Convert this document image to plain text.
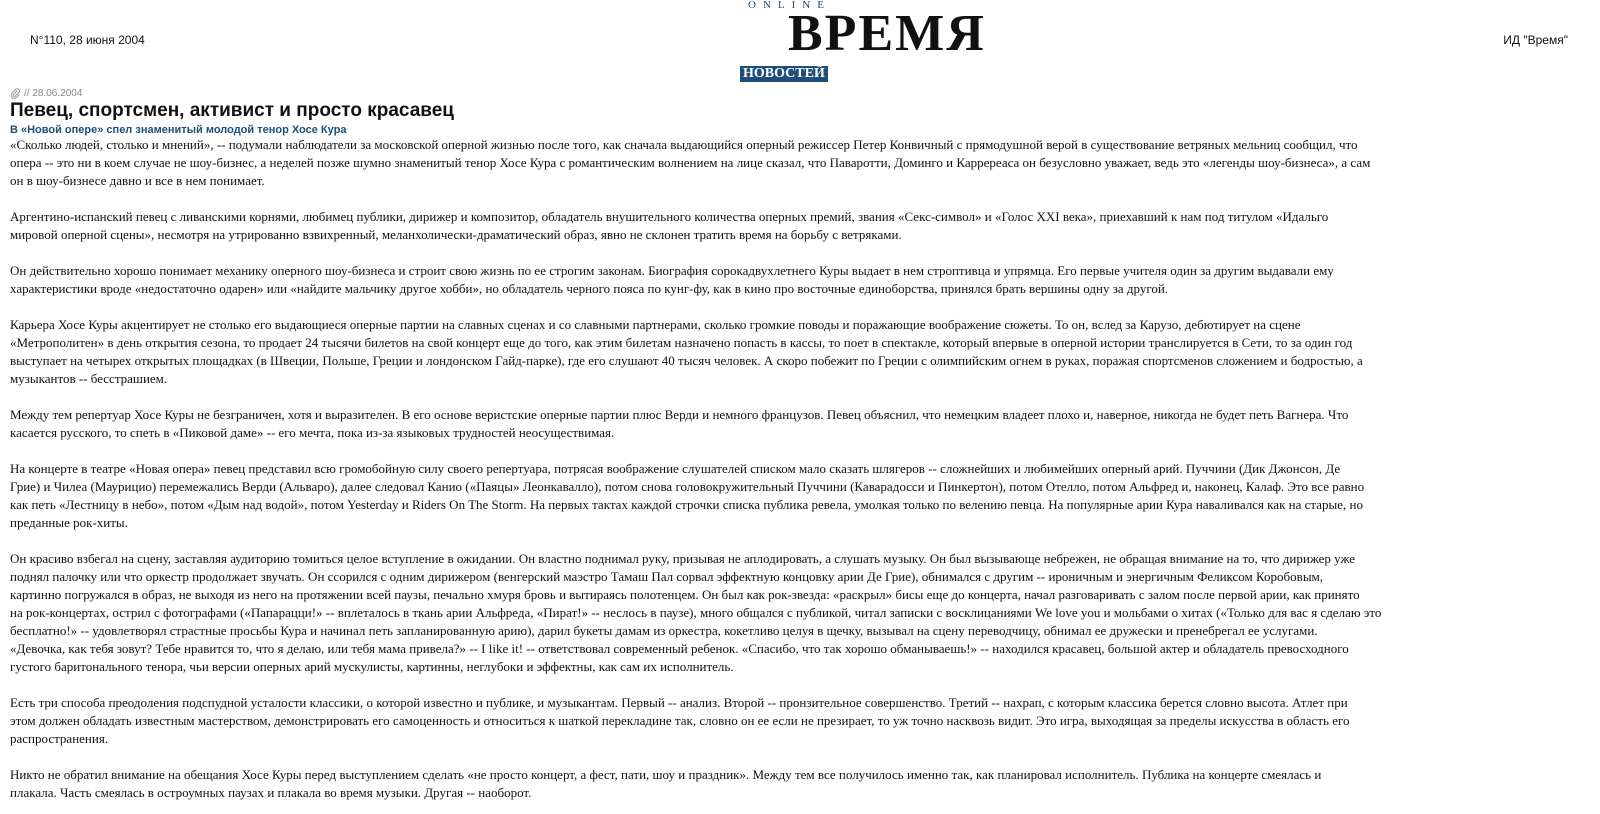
N°110, 28 июня 2004
ONLINE
ВРЕМЯ
НОВОСТЕЙ
ИД "Время"
// 28.06.2004
Певец, спортсмен, активист и просто красавец
В «Новой опере» спел знаменитый молодой тенор Хосе Кура

«Сколько людей, столько и мнений», -- подумали наблюдатели за московской оперной жизнью после того, как сначала выдающийся оперный режиссер Петер Конвичный с прямодушной верой в существование ветряных мельниц сообщил, что
опера -- это ни в коем случае не шоу-бизнес, а неделей позже шумно знаменитый тенор Хосе Кура с романтическим волнением на лице сказал, что Паваротти, Доминго и Карререаса он безусловно уважает, ведь это «легенды шоу-бизнеса», а сам
он в шоу-бизнесе давно и все в нем понимает.

Аргентино-испанский певец с ливанскими корнями, любимец публики, дирижер и композитор, обладатель внушительного количества оперных премий, звания «Секс-символ» и «Голос XXI века», приехавший к нам под титулом «Идальго
мировой оперной сцены», несмотря на утрированно взвихренный, меланхолически-драматический образ, явно не склонен тратить время на борьбу с ветряками.

Он действительно хорошо понимает механику оперного шоу-бизнеса и строит свою жизнь по ее строгим законам. Биография сорокадвухлетнего Куры выдает в нем строптивца и упрямца. Его первые учителя один за другим выдавали ему
характеристики вроде «недостаточно одарен» или «найдите мальчику другое хобби», но обладатель черного пояса по кунг-фу, как в кино про восточные единоборства, принялся брать вершины одну за другой.

Карьера Хосе Куры акцентирует не столько его выдающиеся оперные партии на славных сценах и со славными партнерами, сколько громкие поводы и поражающие воображение сюжеты. То он, вслед за Карузо, дебютирует на сцене
«Метрополитен» в день открытия сезона, то продает 24 тысячи билетов на свой концерт еще до того, как этим билетам назначено попасть в кассы, то поет в спектакле, который впервые в оперной истории транслируется в Сети, то за один год
выступает на четырех открытых площадках (в Швеции, Польше, Греции и лондонском Гайд-парке), где его слушают 40 тысяч человек. А скоро побежит по Греции с олимпийским огнем в руках, поражая спортсменов сложением и бодростью, а
музыкантов -- бесстрашием.

Между тем репертуар Хосе Куры не безграничен, хотя и выразителен. В его основе веристские оперные партии плюс Верди и немного французов. Певец объяснил, что немецким владеет плохо и, наверное, никогда не будет петь Вагнера. Что
касается русского, то спеть в «Пиковой даме» -- его мечта, пока из-за языковых трудностей неосуществимая.

На концерте в театре «Новая опера» певец представил всю громобойную силу своего репертуара, потрясая воображение слушателей списком мало сказать шлягеров -- сложнейших и любимейших оперный арий. Пуччини (Дик Джонсон, Де
Грие) и Чилеа (Маурицио) перемежались Верди (Альваро), далее следовал Канио («Паяцы» Леонкавалло), потом снова головокружительный Пуччини (Каварадосси и Пинкертон), потом Отелло, потом Альфред и, наконец, Калаф. Это все равно
как петь «Лестницу в небо», потом «Дым над водой», потом Yesterday и Riders On The Storm. На первых тактах каждой строчки списка публика ревела, умолкая только по велению певца. На популярные арии Кура наваливался как на старые, но
преданные рок-хиты.

Он красиво взбегал на сцену, заставляя аудиторию томиться целое вступление в ожидании. Он властно поднимал руку, призывая не аплодировать, а слушать музыку. Он был вызывающе небрежен, не обращая внимание на то, что дирижер уже
поднял палочку или что оркестр продолжает звучать. Он ссорился с одним дирижером (венгерский маэстро Тамаш Пал сорвал эффектную концовку арии Де Грие), обнимался с другим -- ироничным и энергичным Феликсом Коробовым,
картинно погружался в образ, не выходя из него на протяжении всей паузы, печально хмуря бровь и вытираясь полотенцем. Он был как рок-звезда: «раскрыл» бисы еще до концерта, начал разговаривать с залом после первой арии, как принято
на рок-концертах, острил с фотографами («Папарацци!» -- вплеталось в ткань арии Альфреда, «Пират!» -- неслось в паузе), много общался с публикой, читал записки с восклицаниями We love you и мольбами о хитах («Только для вас я сделаю это
бесплатно!» -- удовлетворял страстные просьбы Кура и начинал петь запланированную арию), дарил букеты дамам из оркестра, кокетливо целуя в щечку, вызывал на сцену переводчицу, обнимал ее дружески и пренебрегал ее услугами.
«Девочка, как тебя зовут? Тебе нравится то, что я делаю, или тебя мама привела?» -- I like it! -- ответствовал современный ребенок. «Спасибо, что так хорошо обманываешь!» -- находился красавец, большой актер и обладатель превосходного
густого баритонального тенора, чьи версии оперных арий мускулисты, картинны, неглубоки и эффектны, как сам их исполнитель.

Есть три способа преодоления подспудной усталости классики, о которой известно и публике, и музыкантам. Первый -- анализ. Второй -- пронзительное совершенство. Третий -- нахрап, с которым классика берется словно высота. Атлет при
этом должен обладать известным мастерством, демонстрировать его самоценность и относиться к шаткой перекладине так, словно он ее если не презирает, то уж точно насквозь видит. Это игра, выходящая за пределы искусства в область его
распространения.

Никто не обратил внимание на обещания Хосе Куры перед выступлением сделать «не просто концерт, а фест, пати, шоу и праздник». Между тем все получилось именно так, как планировал исполнитель. Публика на концерте смеялась и
плакала. Часть смеялась в остроумных паузах и плакала во время музыки. Другая -- наоборот.
